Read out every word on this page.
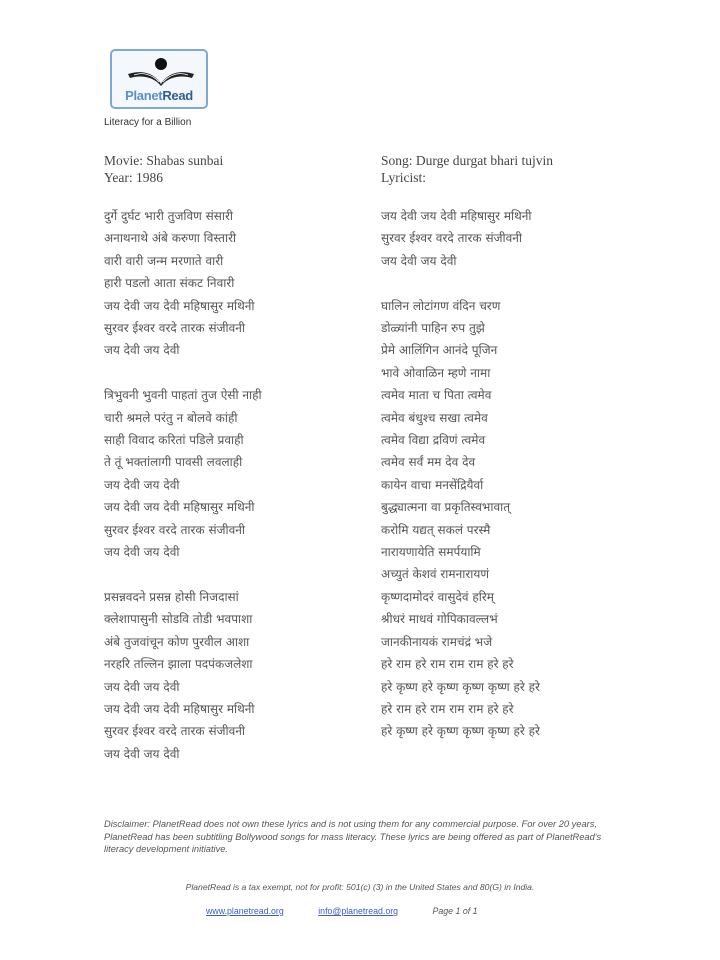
PlanetRead
Literacy for a Billion
Movie: Shabas sunbai
Year: 1986
Song: Durge durgat bhari tujvin
Lyricist:
दुर्गे दुर्घट भारी तुजविण संसारी
अनाथनाथे अंबे करुणा विस्तारी
वारी वारी जन्म मरणाते वारी
हारी पडलो आता संकट निवारी
जय देवी जय देवी महिषासुर मथिनी
सुरवर ईश्वर वरदे तारक संजीवनी
जय देवी जय देवी
त्रिभुवनी भुवनी पाहतां तुज ऐसी नाही
चारी श्रमले परंतु न बोलवे कांही
साही विवाद करितां पडिले प्रवाही
ते तूं भक्तांलागी पावसी लवलाही
जय देवी जय देवी
जय देवी जय देवी महिषासुर मथिनी
सुरवर ईश्वर वरदे तारक संजीवनी
जय देवी जय देवी
प्रसन्नवदने प्रसन्न होसी निजदासां
क्लेशापासुनी सोडवि तोडी भवपाशा
अंबे तुजवांचून कोण पुरवील आशा
नरहरि तल्लिन झाला पदपंकजलेशा
जय देवी जय देवी
जय देवी जय देवी महिषासुर मथिनी
सुरवर ईश्वर वरदे तारक संजीवनी
जय देवी जय देवी
जय देवी जय देवी महिषासुर मथिनी
सुरवर ईश्वर वरदे तारक संजीवनी
जय देवी जय देवी
घालिन लोटांगण वंदिन चरण
डोळ्यांनी पाहिन रुप तुझे
प्रेमे आलिंगिन आनंदे पूजिन
भावे ओवाळिन म्हणे नामा
त्वमेव माता च पिता त्वमेव
त्वमेव बंधुश्च सखा त्वमेव
त्वमेव विद्या द्रविणं त्वमेव
त्वमेव सर्वं मम देव देव
कायेन वाचा मनसेंद्रियैर्वा
बुद्ध्यात्मना वा प्रकृतिस्वभावात्
करोमि यद्यत् सकलं परस्मै
नारायणायेति समर्पयामि
अच्युतं केशवं रामनारायणं
कृष्णदामोदरं वासुदेवं हरिम्
श्रीधरं माधवं गोपिकावल्लभं
जानकीनायकं रामचंद्रं भजे
हरे राम हरे राम राम राम हरे हरे
हरे कृष्ण हरे कृष्ण कृष्ण कृष्ण हरे हरे
हरे राम हरे राम राम राम हरे हरे
हरे कृष्ण हरे कृष्ण कृष्ण कृष्ण हरे हरे
Disclaimer: PlanetRead does not own these lyrics and is not using them for any commercial purpose. For over 20 years, PlanetRead has been subtitling Bollywood songs for mass literacy. These lyrics are being offered as part of PlanetRead's literacy development initiative.
PlanetRead is a tax exempt, not for profit: 501(c) (3) in the United States and 80(G) in India.
www.planetread.org	info@planetread.org	Page 1 of 1
